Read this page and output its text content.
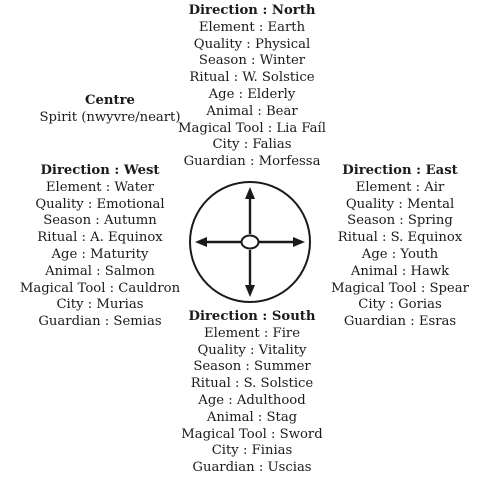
Direction : North
Element : Earth
Quality : Physical
Season : Winter
Ritual : W. Solstice
Age : Elderly
Animal : Bear
Magical Tool : Lia Faíl
City : Falias
Guardian : Morfessa
Centre
Spirit (nwyvre/neart)
Direction : West
Element : Water
Quality : Emotional
Season : Autumn
Ritual : A. Equinox
Age : Maturity
Animal : Salmon
Magical Tool : Cauldron
City : Murias
Guardian : Semias
Direction : East
Element : Air
Quality : Mental
Season : Spring
Ritual : S. Equinox
Age : Youth
Animal : Hawk
Magical Tool : Spear
City : Gorias
Guardian : Esras
Direction : South
Element : Fire
Quality : Vitality
Season : Summer
Ritual : S. Solstice
Age : Adulthood
Animal : Stag
Magical Tool : Sword
City : Finias
Guardian : Uscias
